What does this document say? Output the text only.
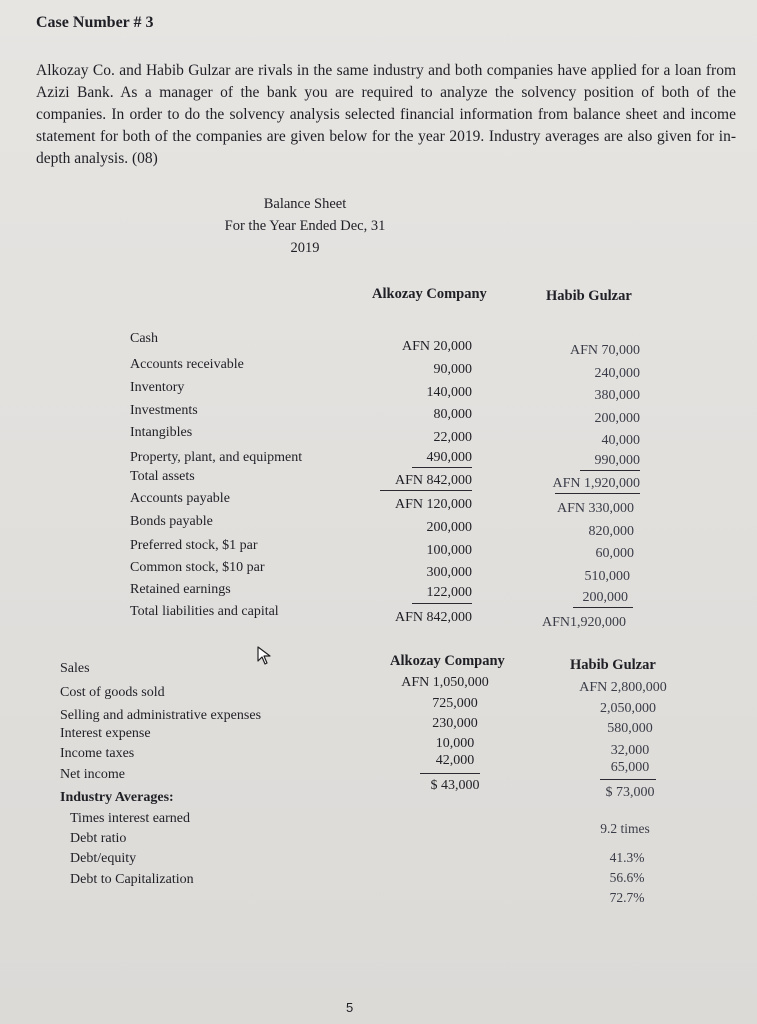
Case Number # 3
Alkozay Co. and Habib Gulzar are rivals in the same industry and both companies have applied for a loan from Azizi Bank. As a manager of the bank you are required to analyze the solvency position of both of the companies. In order to do the solvency analysis selected financial information from balance sheet and income statement for both of the companies are given below for the year 2019. Industry averages are also given for in- depth analysis. (08)
Balance Sheet
For the Year Ended Dec, 31
2019
Alkozay Company	Habib Gulzar
Cash
Accounts receivable
Inventory
Investments
Intangibles
Property, plant, and equipment
Total assets
Accounts payable
Bonds payable
Preferred stock, $1 par
Common stock, $10 par
Retained earnings
Total liabilities and capital
AFN 20,000
90,000
140,000
80,000
22,000
490,000
AFN 842,000
AFN 120,000
200,000
100,000
300,000
122,000
AFN 842,000
AFN 70,000
240,000
380,000
200,000
40,000
990,000
AFN 1,920,000
AFN 330,000
820,000
60,000
510,000
200,000
AFN1,920,000
Alkozay Company	Habib Gulzar
Sales
Cost of goods sold
Selling and administrative expenses
Interest expense
Income taxes
Net income
AFN 1,050,000
725,000
230,000
10,000
42,000
$ 43,000
AFN 2,800,000
2,050,000
580,000
32,000
65,000
$ 73,000
Industry Averages:
Times interest earned
Debt ratio
Debt/equity
Debt to Capitalization
9.2 times
41.3%
56.6%
72.7%
5
